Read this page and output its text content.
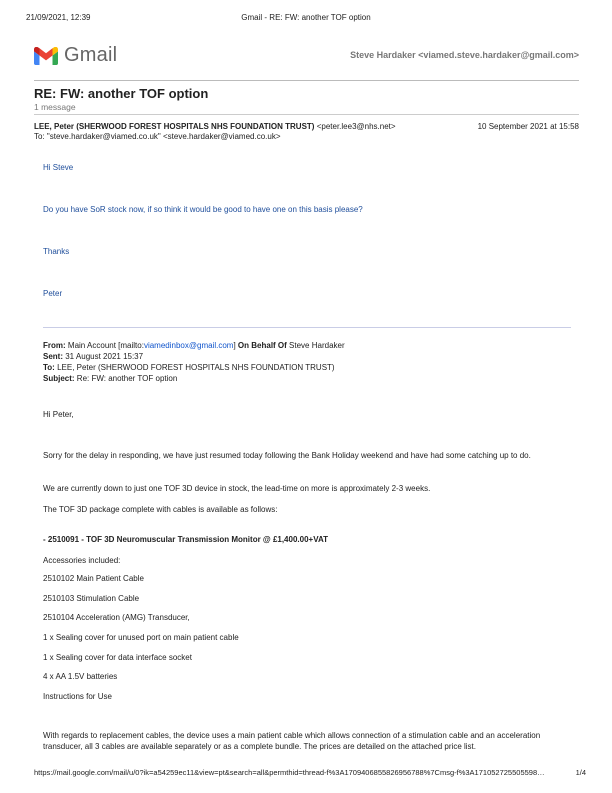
21/09/2021, 12:39	Gmail - RE: FW: another TOF option
Gmail	Steve Hardaker <viamed.steve.hardaker@gmail.com>
RE: FW: another TOF option
1 message
LEE, Peter (SHERWOOD FOREST HOSPITALS NHS FOUNDATION TRUST) <peter.lee3@nhs.net>	10 September 2021 at 15:58
To: "steve.hardaker@viamed.co.uk" <steve.hardaker@viamed.co.uk>
Hi Steve
Do you have SoR stock now, if so think it would be good to have one on this basis please?
Thanks
Peter
From: Main Account [mailto:viamedinbox@gmail.com] On Behalf Of Steve Hardaker
Sent: 31 August 2021 15:37
To: LEE, Peter (SHERWOOD FOREST HOSPITALS NHS FOUNDATION TRUST)
Subject: Re: FW: another TOF option
Hi Peter,
Sorry for the delay in responding, we have just resumed today following the Bank Holiday weekend and have had some catching up to do.
We are currently down to just one TOF 3D device in stock, the lead-time on more is approximately 2-3 weeks.
The TOF 3D package complete with cables is available as follows:
- 2510091 - TOF 3D Neuromuscular Transmission Monitor @ £1,400.00+VAT
Accessories included:
2510102 Main Patient Cable
2510103 Stimulation Cable
2510104 Acceleration (AMG) Transducer,
1 x Sealing cover for unused port on main patient cable
1 x Sealing cover for data interface socket
4 x AA 1.5V batteries
Instructions for Use
With regards to replacement cables, the device uses a main patient cable which allows connection of a stimulation cable and an acceleration transducer, all 3 cables are available separately or as a complete bundle. The prices are detailed on the attached price list.
https://mail.google.com/mail/u/0?ik=a54259ec11&view=pt&search=all&permthid=thread-f%3A1709406855826956788%7Cmsg-f%3A171052725505598…	1/4
